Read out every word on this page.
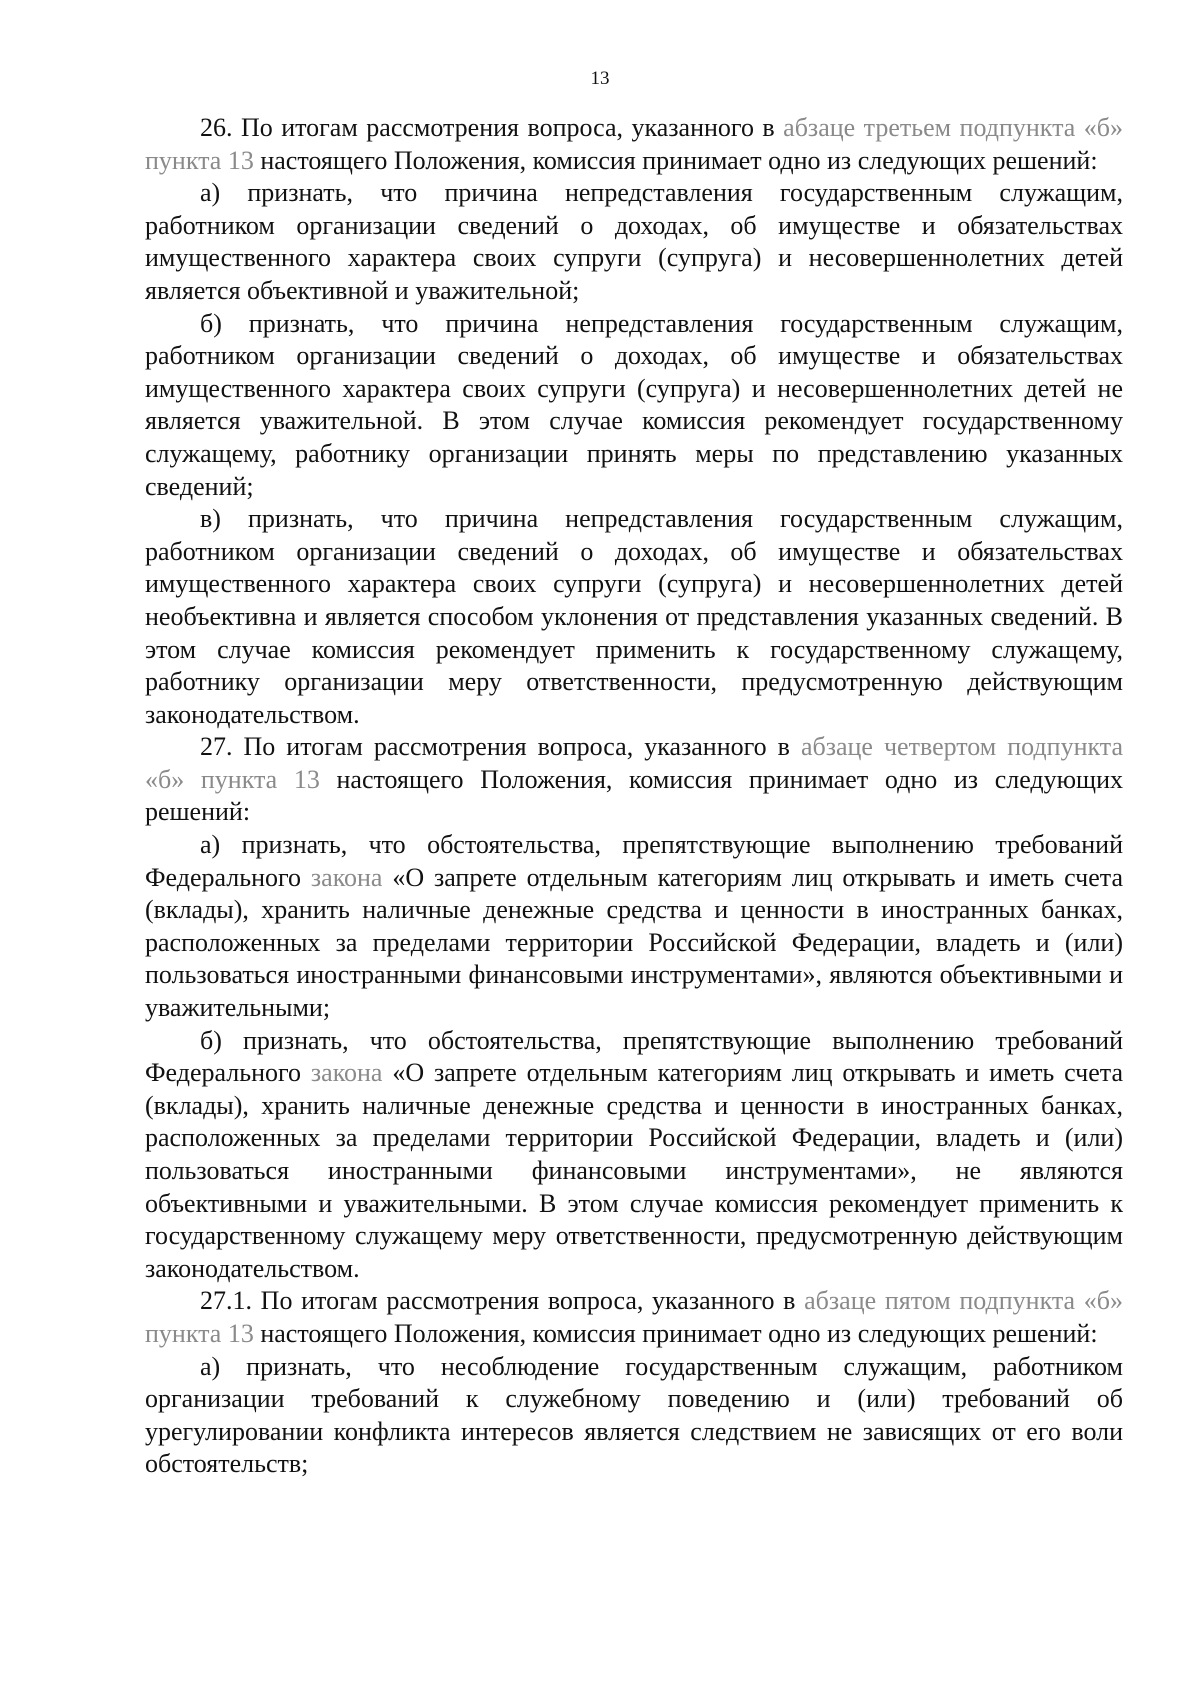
13

26. По итогам рассмотрения вопроса, указанного в абзаце третьем подпункта «б» пункта 13 настоящего Положения, комиссия принимает одно из следующих решений:

а) признать, что причина непредставления государственным служащим, работником организации сведений о доходах, об имуществе и обязательствах имущественного характера своих супруги (супруга) и несовершеннолетних детей является объективной и уважительной;

б) признать, что причина непредставления государственным служащим, работником организации сведений о доходах, об имуществе и обязательствах имущественного характера своих супруги (супруга) и несовершеннолетних детей не является уважительной. В этом случае комиссия рекомендует государственному служащему, работнику организации принять меры по представлению указанных сведений;

в) признать, что причина непредставления государственным служащим, работником организации сведений о доходах, об имуществе и обязательствах имущественного характера своих супруги (супруга) и несовершеннолетних детей необъективна и является способом уклонения от представления указанных сведений. В этом случае комиссия рекомендует применить к государственному служащему, работнику организации меру ответственности, предусмотренную действующим законодательством.

27. По итогам рассмотрения вопроса, указанного в абзаце четвертом подпункта «б» пункта 13 настоящего Положения, комиссия принимает одно из следующих решений:

а) признать, что обстоятельства, препятствующие выполнению требований Федерального закона «О запрете отдельным категориям лиц открывать и иметь счета (вклады), хранить наличные денежные средства и ценности в иностранных банках, расположенных за пределами территории Российской Федерации, владеть и (или) пользоваться иностранными финансовыми инструментами», являются объективными и уважительными;

б) признать, что обстоятельства, препятствующие выполнению требований Федерального закона «О запрете отдельным категориям лиц открывать и иметь счета (вклады), хранить наличные денежные средства и ценности в иностранных банках, расположенных за пределами территории Российской Федерации, владеть и (или) пользоваться иностранными финансовыми инструментами», не являются объективными и уважительными. В этом случае комиссия рекомендует применить к государственному служащему меру ответственности, предусмотренную действующим законодательством.

27.1. По итогам рассмотрения вопроса, указанного в абзаце пятом подпункта «б» пункта 13 настоящего Положения, комиссия принимает одно из следующих решений:

а) признать, что несоблюдение государственным служащим, работником организации требований к служебному поведению и (или) требований об урегулировании конфликта интересов является следствием не зависящих от его воли обстоятельств;
